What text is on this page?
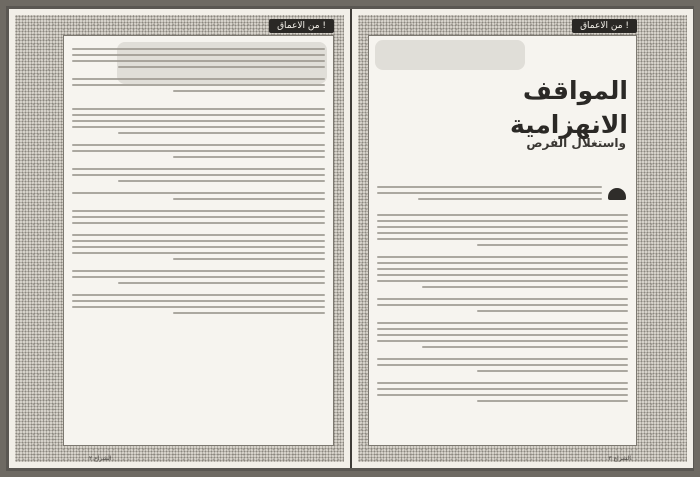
من الاعماق !
الشراع ٢
من الاعماق !
المواقف الانهزامية
واستغلال الفرص
الشراع ٣
